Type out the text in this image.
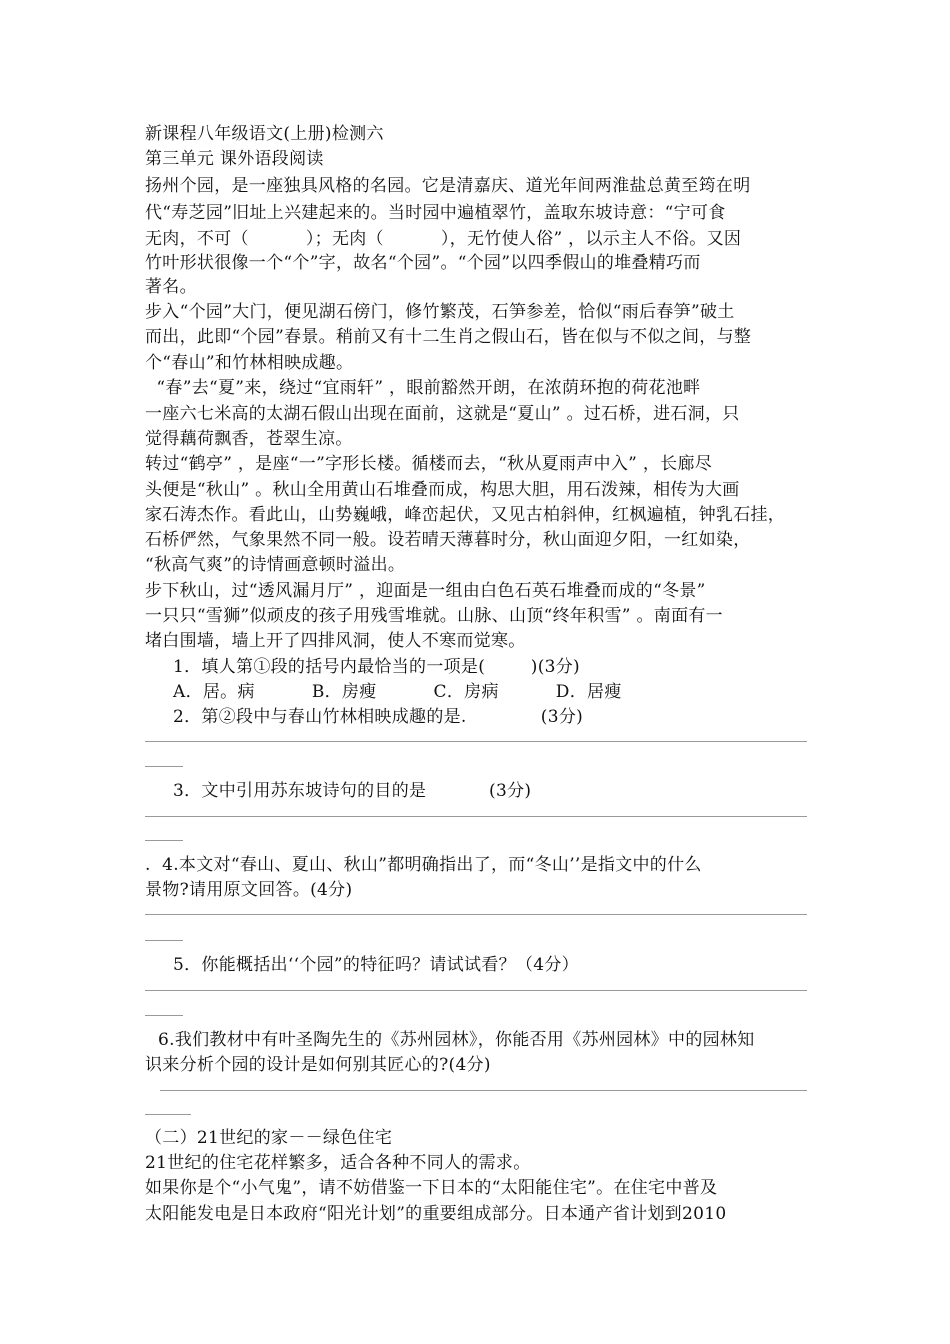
新课程八年级语文(上册)检测六
第三单元 课外语段阅读
扬州个园，是一座独具风格的名园。它是清嘉庆、道光年间两淮盐总黄至筠在明
代“寿芝园”旧址上兴建起来的。当时园中遍植翠竹，盖取东坡诗意：“宁可食
无肉，不可（          ）；无肉（          ），无竹使人俗” ，以示主人不俗。又因
竹叶形状很像一个“个”字，故名“个园”。“个园”以四季假山的堆叠精巧而
著名。
步入“个园”大门，便见湖石傍门，修竹繁茂，石笋参差，恰似“雨后春笋”破土
而出，此即“个园”春景。稍前又有十二生肖之假山石，皆在似与不似之间，与整
个“春山”和竹林相映成趣。
“春”去“夏”来，绕过“宜雨轩” ，眼前豁然开朗，在浓荫环抱的荷花池畔
一座六七米高的太湖石假山出现在面前，这就是“夏山” 。过石桥，进石洞，只
觉得藕荷飘香，苍翠生凉。
转过“鹤亭” ，是座“一”字形长楼。循楼而去，“秋从夏雨声中入” ，长廊尽
头便是“秋山” 。秋山全用黄山石堆叠而成，构思大胆，用石泼辣，相传为大画
家石涛杰作。看此山，山势巍峨，峰峦起伏，又见古柏斜伸，红枫遍植，钟乳石挂，
石桥俨然，气象果然不同一般。设若晴天薄暮时分，秋山面迎夕阳，一红如染，
“秋高气爽”的诗情画意顿时溢出。
步下秋山，过“透风漏月厅” ，迎面是一组由白色石英石堆叠而成的“冬景”
一只只“雪狮”似顽皮的孩子用残雪堆就。山脉、山顶“终年积雪” 。南面有一
堵白围墙，墙上开了四排风洞，使人不寒而觉寒。
1．填人第①段的括号内最恰当的一项是(        )(3分)
A．居。病          B．房瘦          C．房病          D．居瘦
2．第②段中与春山竹林相映成趣的是.             (3分)
3．文中引用苏东坡诗句的目的是           (3分)
.  4.本文对“春山、夏山、秋山”都明确指出了，而“冬山’’是指文中的什么
景物?请用原文回答。(4分)
5．你能概括出‘‘个园”的特征吗？请试试看？（4分）
6.我们教材中有叶圣陶先生的《苏州园林》，你能否用《苏州园林》中的园林知
识来分析个园的设计是如何别其匠心的?(4分)
（二）21世纪的家－－绿色住宅
21世纪的住宅花样繁多，适合各种不同人的需求。
如果你是个“小气鬼”，请不妨借鉴一下日本的“太阳能住宅”。在住宅中普及
太阳能发电是日本政府“阳光计划”的重要组成部分。日本通产省计划到2010
